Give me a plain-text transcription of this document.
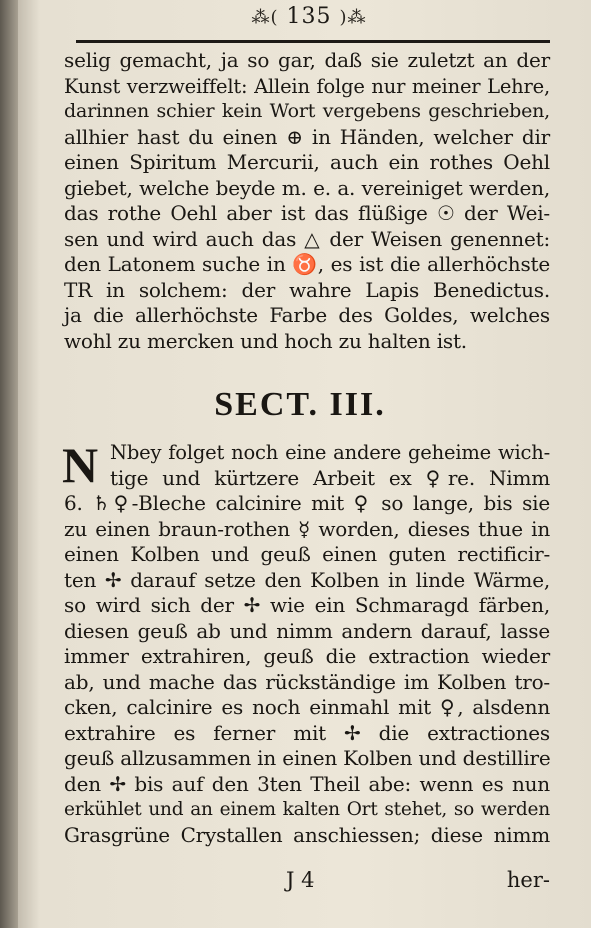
⁂( 135 )⁂
selig gemacht, ja so gar, daß sie zuletzt an der
Kunst verzweiffelt: Allein folge nur meiner Lehre,
darinnen schier kein Wort vergebens geschrieben,
allhier hast du einen ⊕ in Händen, welcher dir
einen Spiritum Mercurii, auch ein rothes Oehl
giebet, welche beyde m. e. a. vereiniget werden,
das rothe Oehl aber ist das flüßige ☉ der Wei-
sen und wird auch das △ der Weisen genennet:
den Latonem suche in ♉, es ist die allerhöchste
TR in solchem: der wahre Lapis Benedictus.
ja die allerhöchste Farbe des Goldes, welches
wohl zu mercken und hoch zu halten ist.
SECT. III.
N Nbey folget noch eine andere geheime wich-
tige und kürtzere Arbeit ex ♀re. Nimm
6. ♄♀-Bleche calcinire mit ♀ so lange, bis sie
zu einen braun-rothen ☿ worden, dieses thue in
einen Kolben und geuß einen guten rectificir-
ten ✢ darauf setze den Kolben in linde Wärme,
so wird sich der ✢ wie ein Schmaragd färben,
diesen geuß ab und nimm andern darauf, lasse
immer extrahiren, geuß die extraction wieder
ab, und mache das rückständige im Kolben tro-
cken, calcinire es noch einmahl mit ♀, alsdenn
extrahire es ferner mit ✢ die extractiones
geuß allzusammen in einen Kolben und destillire
den ✢ bis auf den 3ten Theil abe: wenn es nun
erkühlet und an einem kalten Ort stehet, so werden
Grasgrüne Crystallen anschiessen; diese nimm
J 4	her-
